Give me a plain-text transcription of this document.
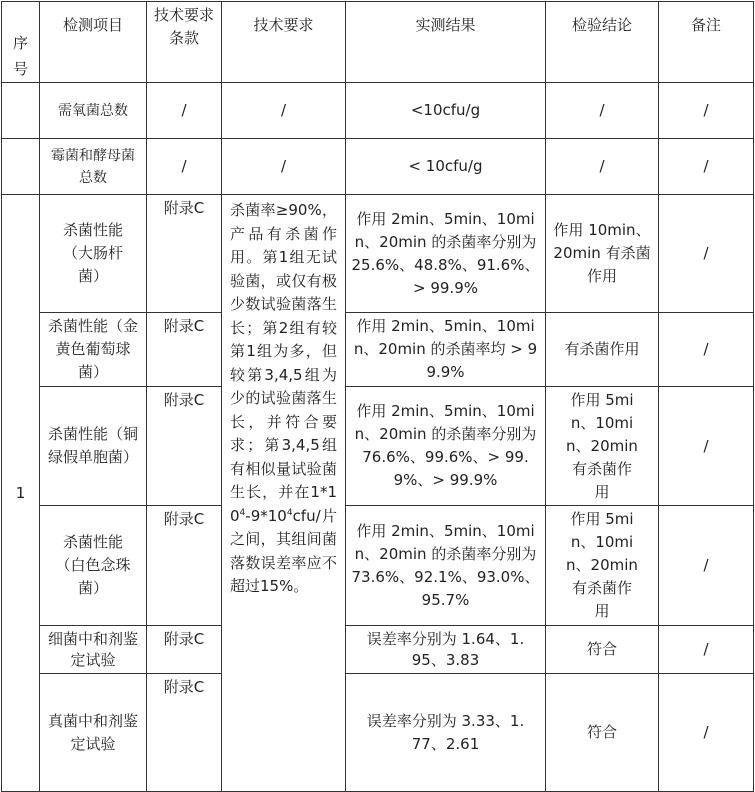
序号	检测项目	技术要求条款	技术要求	实测结果	检验结论	备注
	需氧菌总数	/	/	<10cfu/g	/	/
	霉菌和酵母菌总数	/	/	< 10cfu/g	/	/
1	杀菌性能（大肠杆菌）	附录C	杀菌率≥90%，产品有杀菌作用。第1组无试验菌，或仅有极少数试验菌落生长；第2组有较第1组为多，但较第3,4,5组为少的试验菌落生长，并符合要求；第3,4,5组有相似量试验菌生长，并在$1*10^4-9*10^4cfu/$片之间，其组间菌落数误差率应不超过15%。	作用 2min、5min、10min、20min 的杀菌率分别为 25.6%、48.8%、91.6%、> 99.9%	作用 10min、20min 有杀菌作用	/
	杀菌性能（金黄色葡萄球菌）	附录C		作用 2min、5min、10min、20min 的杀菌率均 > 99.9%	有杀菌作用	/
	杀菌性能（铜绿假单胞菌）	附录C		作用 2min、5min、10min、20min 的杀菌率分别为 76.6%、99.6%、> 99.9%、> 99.9%	作用 5min、10min、20min 有杀菌作用	/
	杀菌性能（白色念珠菌）	附录C		作用 2min、5min、10min、20min 的杀菌率分别为 73.6%、92.1%、93.0%、95.7%	作用 5min、10min、20min 有杀菌作用	/
	细菌中和剂鉴定试验	附录C		误差率分别为 1.64、1.95、3.83	符合	/
	真菌中和剂鉴定试验	附录C		误差率分别为 3.33、1.77、2.61	符合	/
